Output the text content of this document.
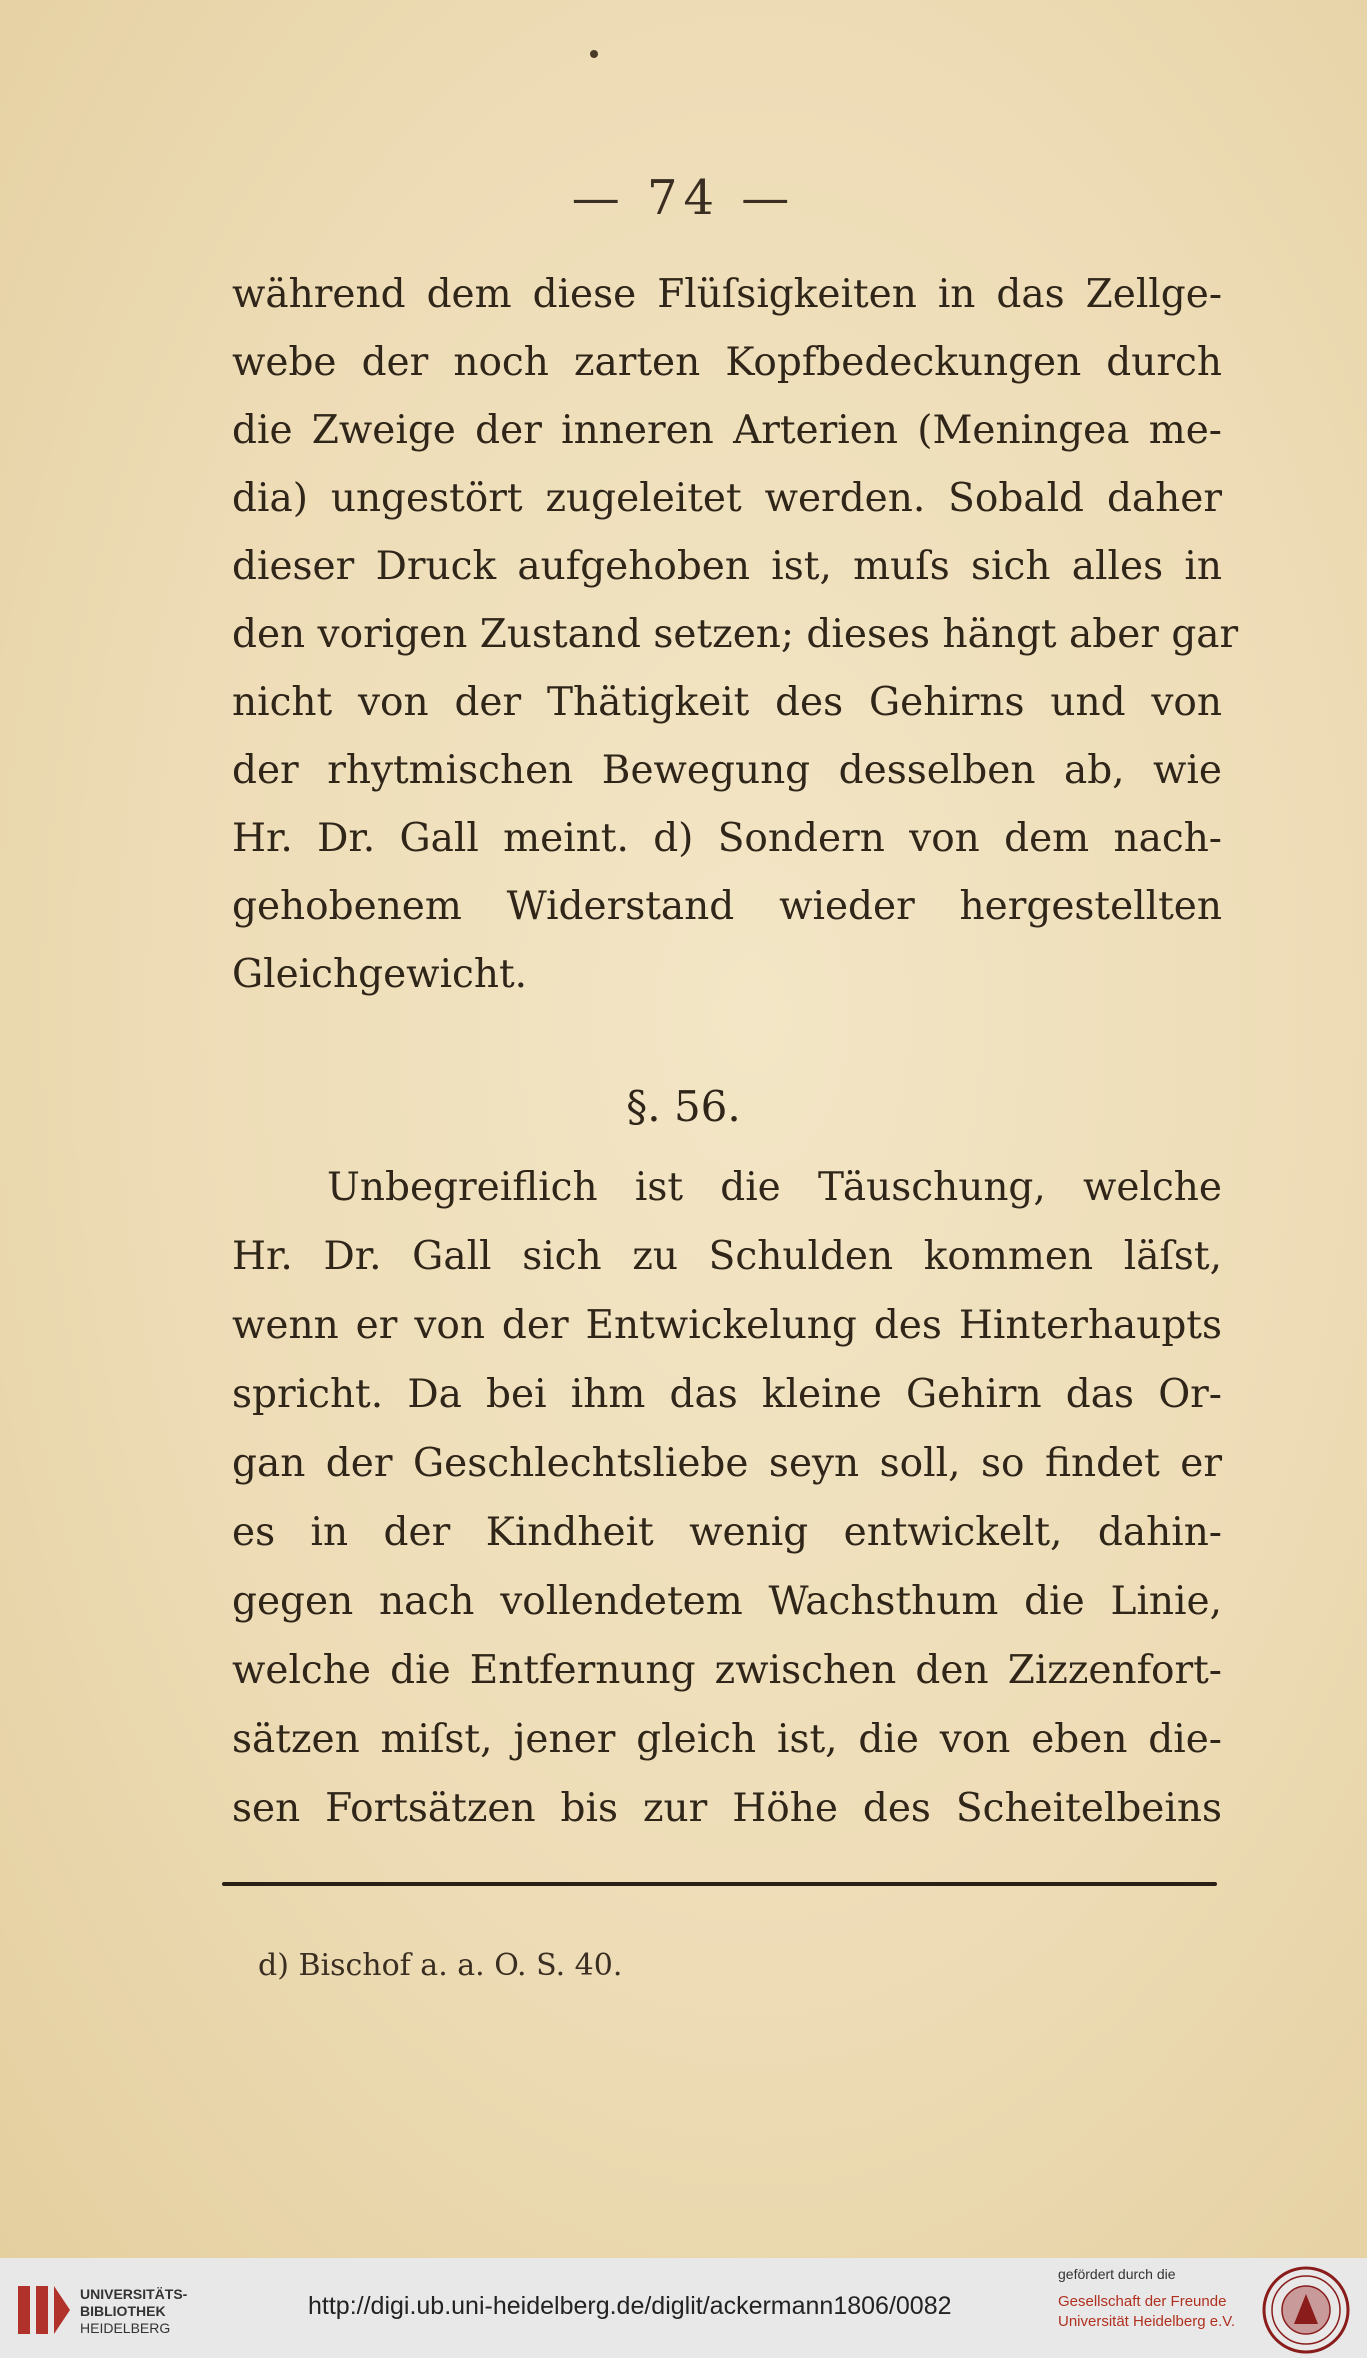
— 74 —
während dem diese Flüſsigkeiten in das Zellge-
webe der noch zarten Kopfbedeckungen durch
die Zweige der inneren Arterien (Meningea me-
dia) ungestört zugeleitet werden. Sobald daher
dieser Druck aufgehoben ist, muſs sich alles in
den vorigen Zustand setzen; dieses hängt aber gar
nicht von der Thätigkeit des Gehirns und von
der rhytmischen Bewegung desselben ab, wie
Hr. Dr. Gall meint. d) Sondern von dem nach-
gehobenem Widerstand wieder hergestellten
Gleichgewicht.
§. 56.
Unbegreiflich ist die Täuschung, welche
Hr. Dr. Gall sich zu Schulden kommen läſst,
wenn er von der Entwickelung des Hinterhaupts
spricht. Da bei ihm das kleine Gehirn das Or-
gan der Geschlechtsliebe seyn soll, so findet er
es in der Kindheit wenig entwickelt, dahin-
gegen nach vollendetem Wachsthum die Linie,
welche die Entfernung zwischen den Zizzenfort-
sätzen miſst, jener gleich ist, die von eben die-
sen Fortsätzen bis zur Höhe des Scheitelbeins
d) Bischof a. a. O. S. 40.
UNIVERSITÄTS-
BIBLIOTHEK
HEIDELBERG
http://digi.ub.uni-heidelberg.de/diglit/ackermann1806/0082
gefördert durch die
Gesellschaft der Freunde
Universität Heidelberg e.V.
